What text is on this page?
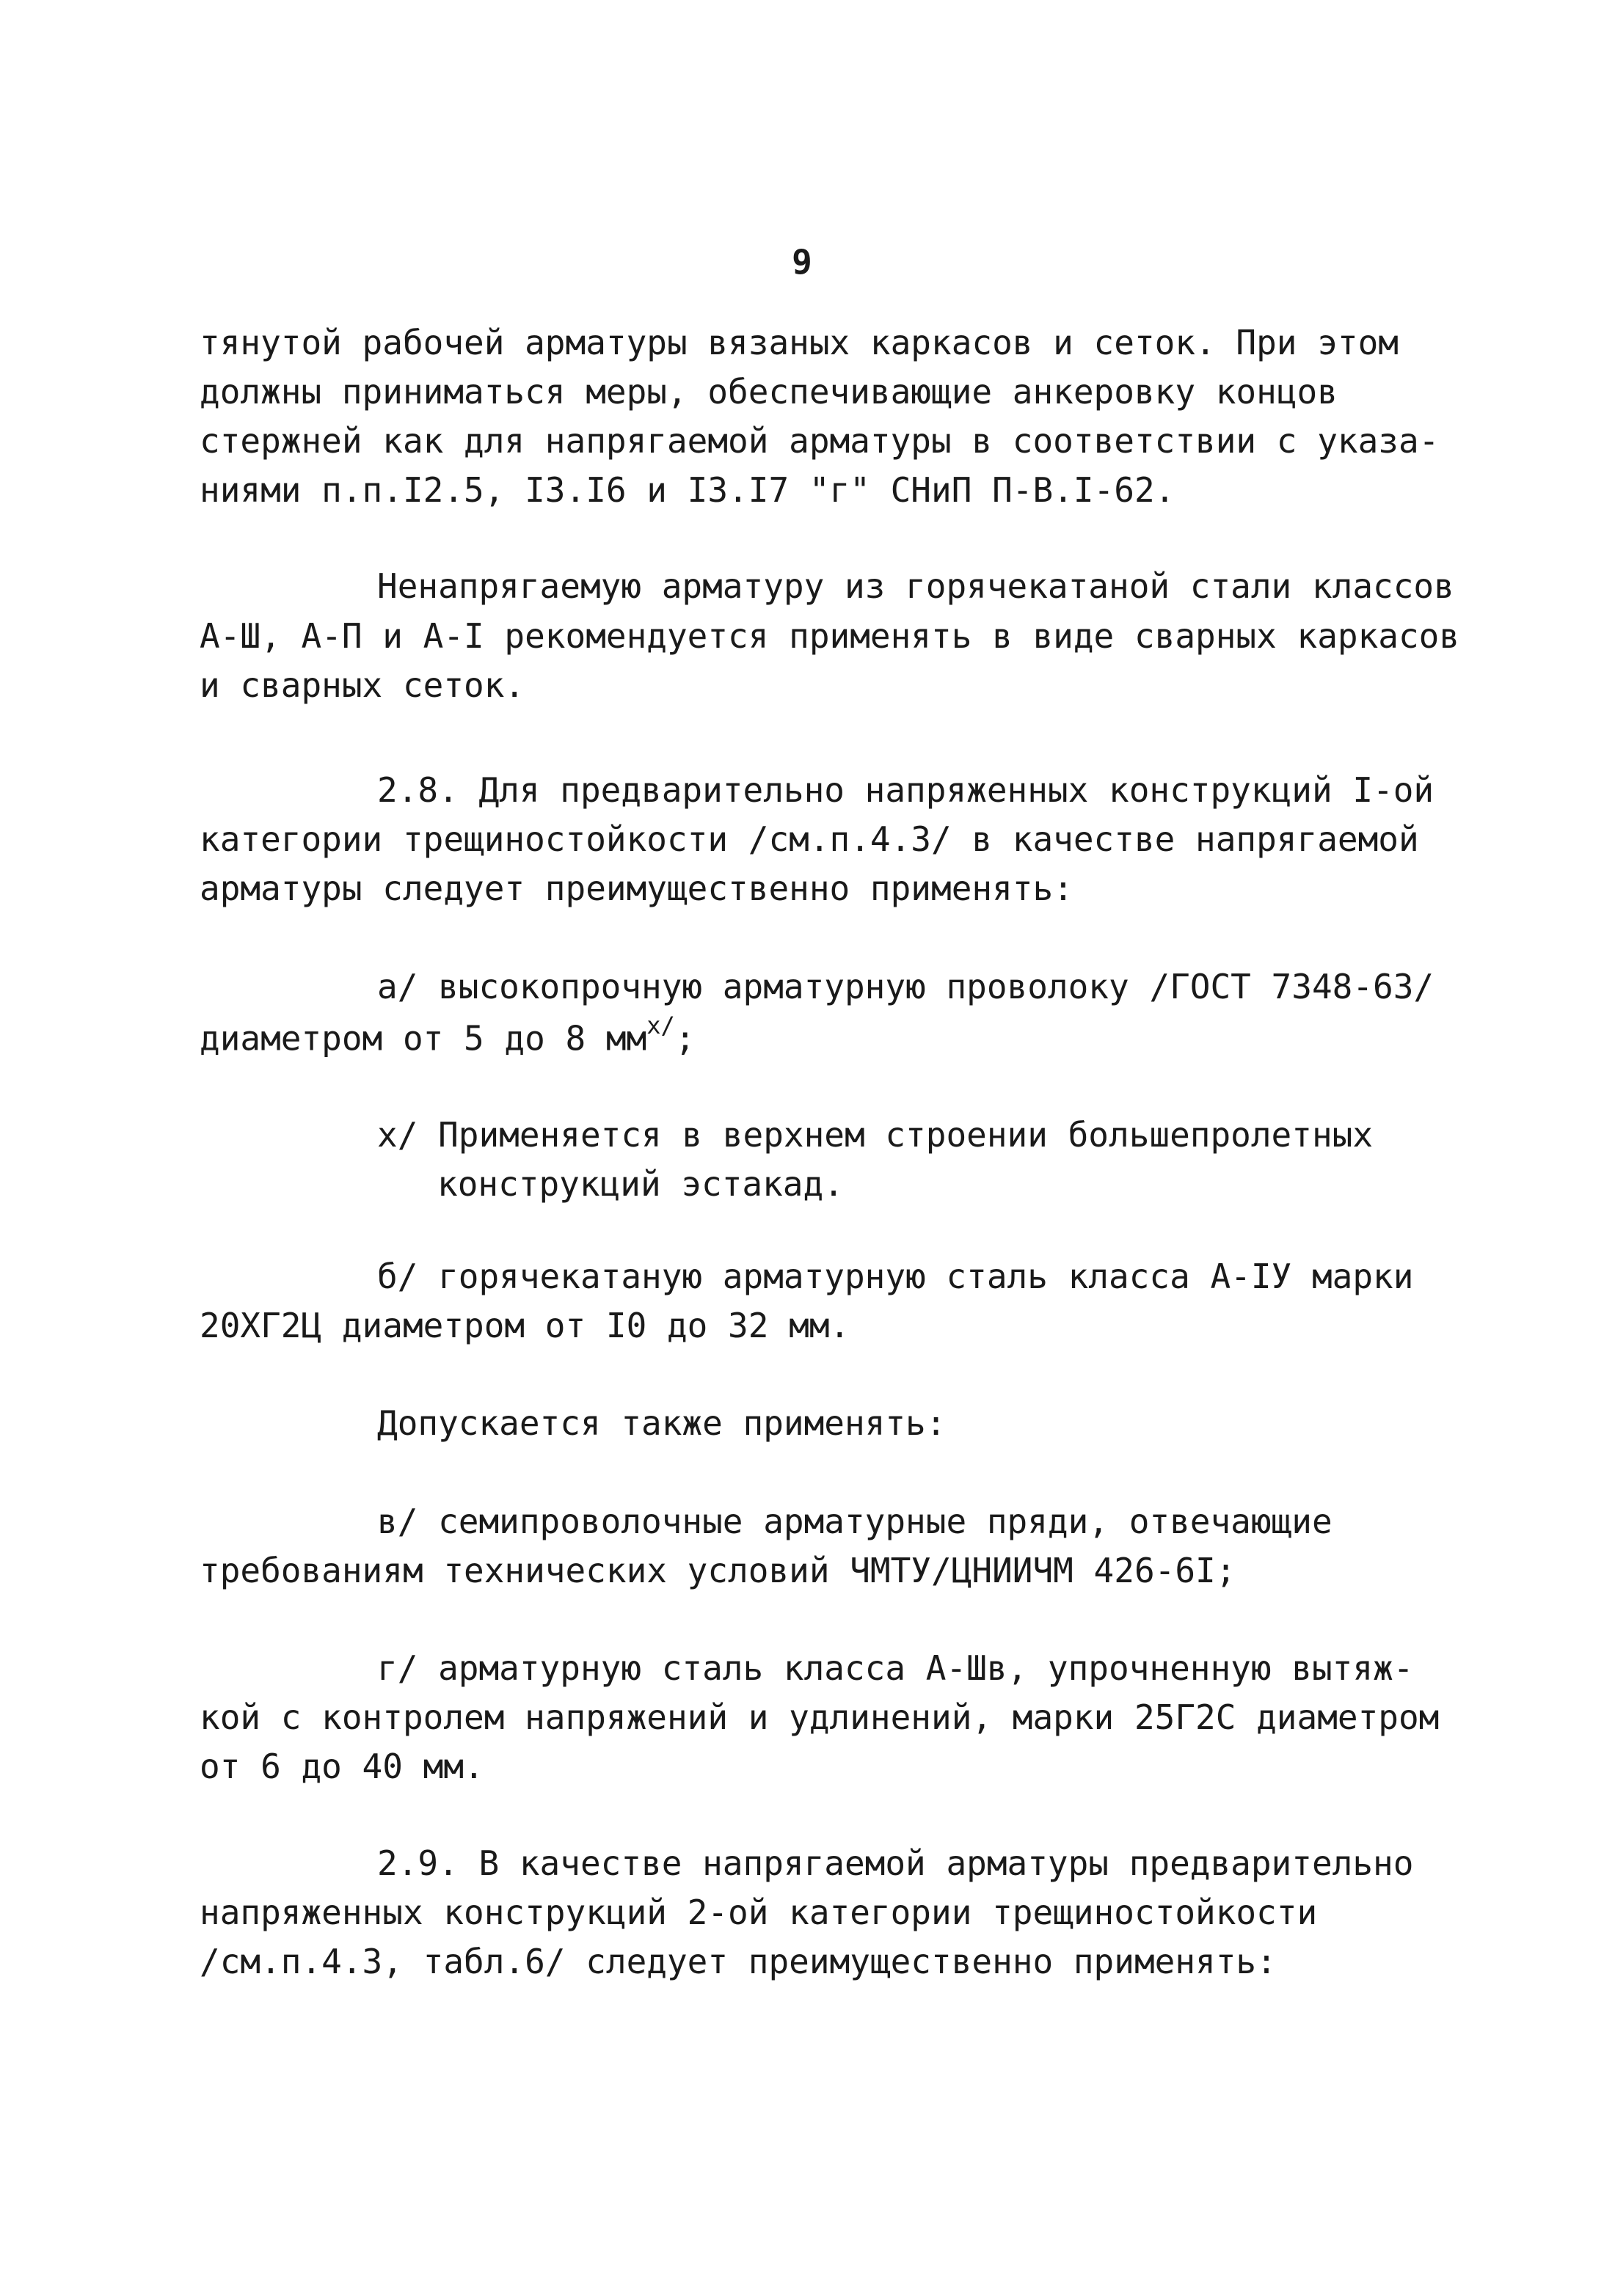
9
тянутой рабочей арматуры вязаных каркасов и сеток. При этом
должны приниматься меры, обеспечивающие анкеровку концов
стержней как для напрягаемой арматуры в соответствии с указа-
ниями п.п.I2.5, I3.I6 и I3.I7 "г" СНиП П-В.I-62.
Ненапрягаемую арматуру из горячекатаной стали классов
А-Ш, А-П и А-I рекомендуется применять в виде сварных каркасов
и сварных сеток.
2.8. Для предварительно напряженных конструкций I-ой
категории трещиностойкости /см.п.4.3/ в качестве напрягаемой
арматуры следует преимущественно применять:
а/ высокопрочную арматурную проволоку /ГОСТ 7348-63/
диаметром от 5 до 8 $мм^{x/}$;
x/ Применяется в верхнем строении большепролетных
конструкций эстакад.
б/ горячекатаную арматурную сталь класса А-IУ марки
20ХГ2Ц диаметром от I0 до 32 мм.
Допускается также применять:
в/ семипроволочные арматурные пряди, отвечающие
требованиям технических условий ЧМТУ/ЦНИИЧМ 426-6I;
г/ арматурную сталь класса А-Шв, упрочненную вытяж-
кой с контролем напряжений и удлинений, марки 25Г2С диаметром
от 6 до 40 мм.
2.9. В качестве напрягаемой арматуры предварительно
напряженных конструкций 2-ой категории трещиностойкости
/см.п.4.3, табл.6/ следует преимущественно применять:
